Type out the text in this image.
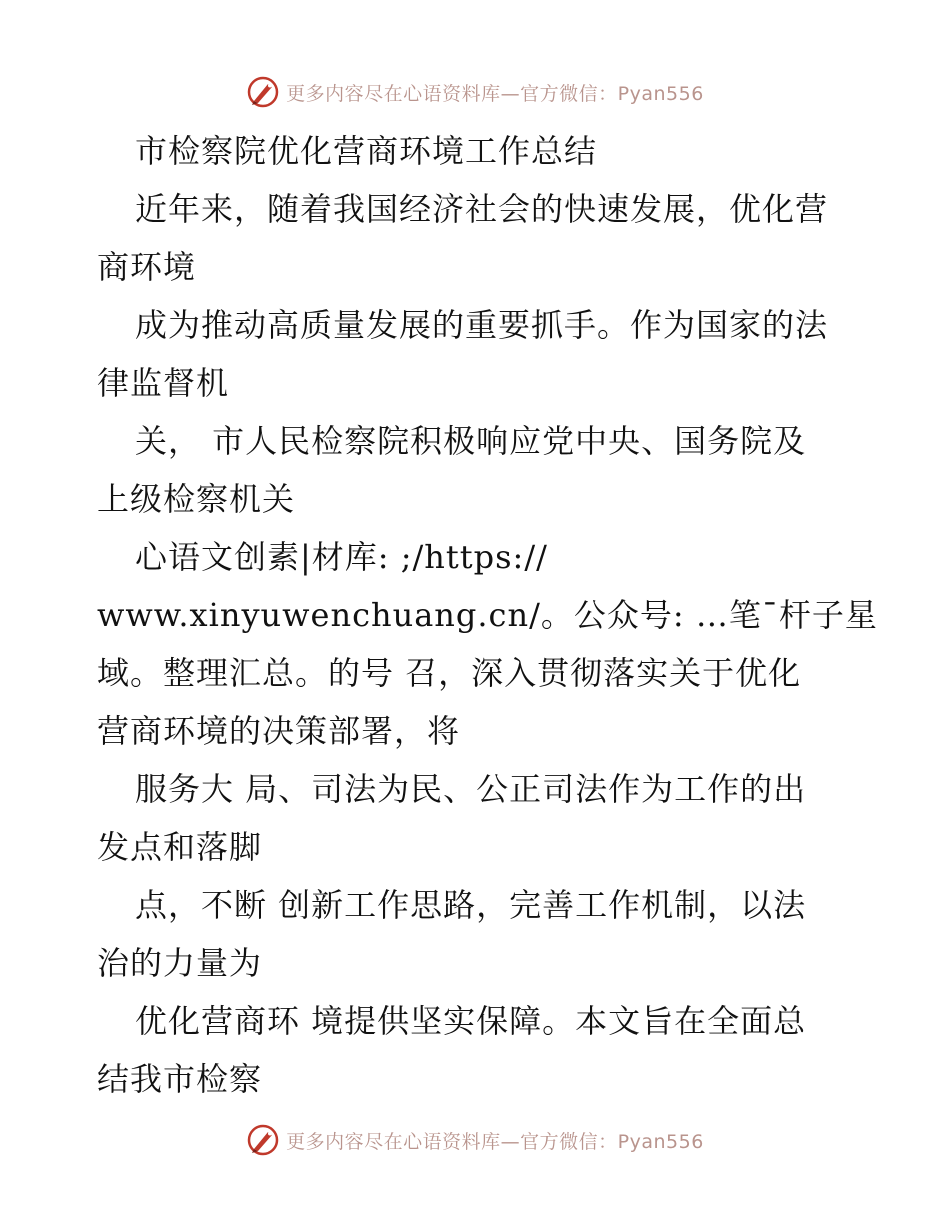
更多内容尽在心语资料库—官方微信：Pyan556
市检察院优化营商环境工作总结
近年来，随着我国经济社会的快速发展，优化营
商环境
成为推动高质量发展的重要抓手。作为国家的法
律监督机
关， 市人民检察院积极响应党中央、国务院及
上级检察机关
心语文创素|材库: ;/https://
www.xinyuwenchuang.cn/。公众号: …笔¯杆子星
域。整理汇总。的号 召，深入贯彻落实关于优化
营商环境的决策部署，将
服务大 局、司法为民、公正司法作为工作的出
发点和落脚
点，不断 创新工作思路，完善工作机制，以法
治的力量为
优化营商环 境提供坚实保障。本文旨在全面总
结我市检察
更多内容尽在心语资料库—官方微信：Pyan556
